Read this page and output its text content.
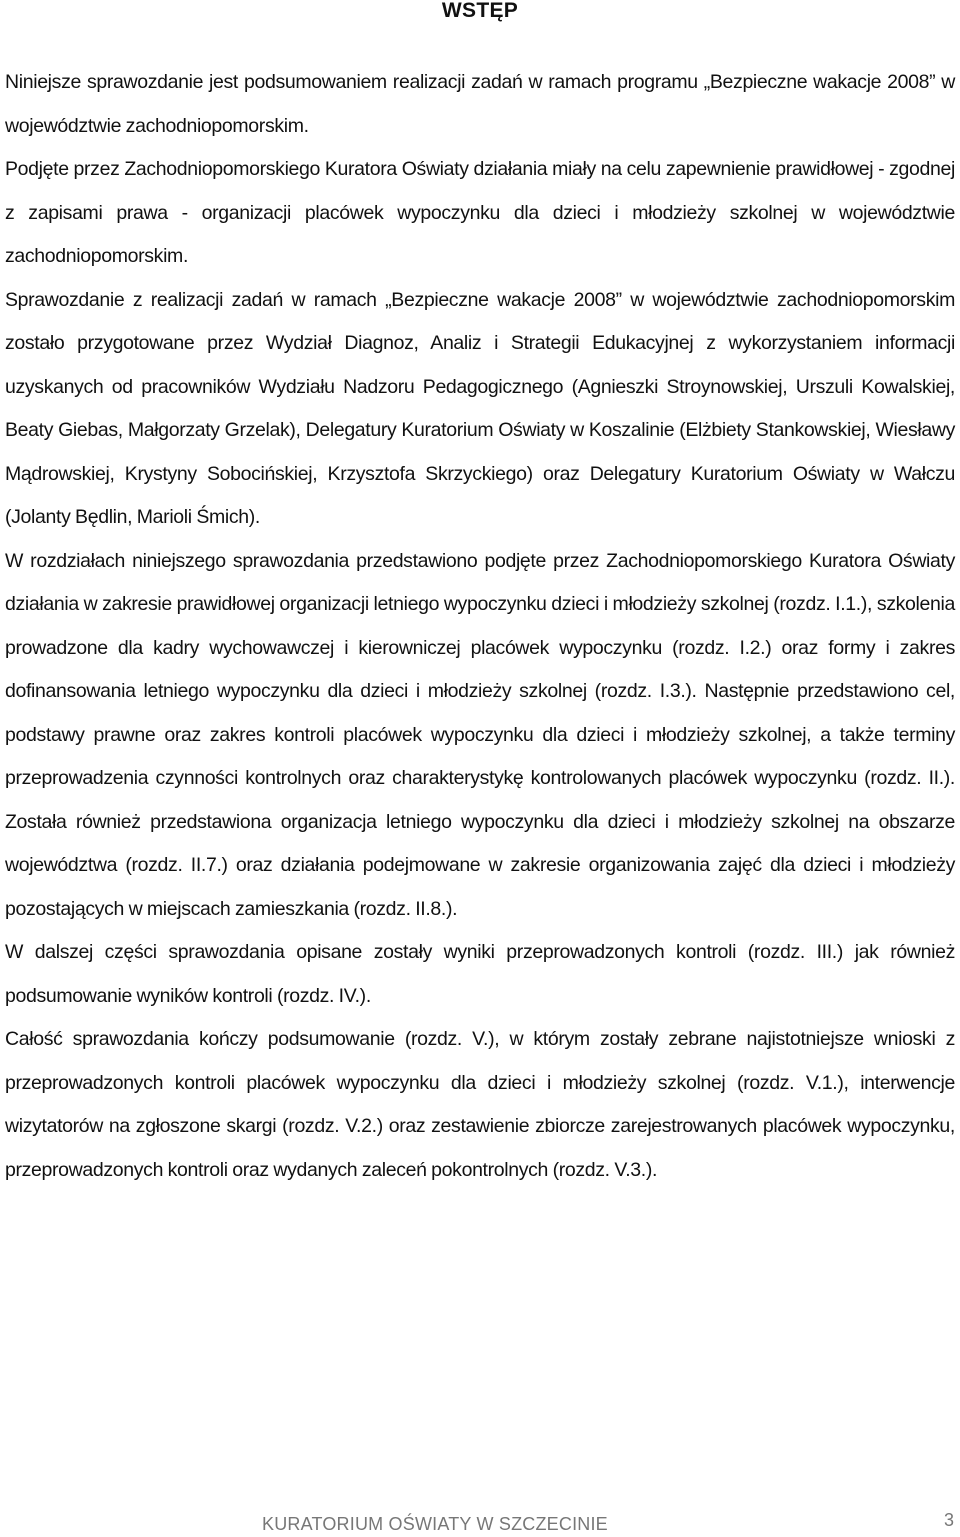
WSTĘP

Niniejsze sprawozdanie jest podsumowaniem realizacji zadań w ramach programu „Bezpieczne wakacje 2008” w województwie zachodniopomorskim.

Podjęte przez Zachodniopomorskiego Kuratora Oświaty działania miały na celu zapewnienie prawidłowej - zgodnej z zapisami prawa - organizacji placówek wypoczynku dla dzieci i młodzieży szkolnej w województwie zachodniopomorskim.

Sprawozdanie z realizacji zadań w ramach „Bezpieczne wakacje 2008” w województwie zachodniopomorskim zostało przygotowane przez Wydział Diagnoz, Analiz i Strategii Edukacyjnej z wykorzystaniem informacji uzyskanych od pracowników Wydziału Nadzoru Pedagogicznego (Agnieszki Stroynowskiej, Urszuli Kowalskiej, Beaty Giebas, Małgorzaty Grzelak), Delegatury Kuratorium Oświaty w Koszalinie (Elżbiety Stankowskiej, Wiesławy Mądrowskiej, Krystyny Sobocińskiej, Krzysztofa Skrzyckiego) oraz Delegatury Kuratorium Oświaty w Wałczu (Jolanty Będlin, Marioli Śmich).

W rozdziałach niniejszego sprawozdania przedstawiono podjęte przez Zachodniopomorskiego Kuratora Oświaty działania w zakresie prawidłowej organizacji letniego wypoczynku dzieci i młodzieży szkolnej (rozdz. I.1.), szkolenia prowadzone dla kadry wychowawczej i kierowniczej placówek wypoczynku (rozdz. I.2.) oraz formy i zakres dofinansowania letniego wypoczynku dla dzieci i młodzieży szkolnej (rozdz. I.3.). Następnie przedstawiono cel, podstawy prawne oraz zakres kontroli placówek wypoczynku dla dzieci i młodzieży szkolnej, a także terminy przeprowadzenia czynności kontrolnych oraz charakterystykę kontrolowanych placówek wypoczynku (rozdz. II.). Została również przedstawiona organizacja letniego wypoczynku dla dzieci i młodzieży szkolnej na obszarze województwa (rozdz. II.7.) oraz działania podejmowane w zakresie organizowania zajęć dla dzieci i młodzieży pozostających w miejscach zamieszkania (rozdz. II.8.).

W dalszej części sprawozdania opisane zostały wyniki przeprowadzonych kontroli (rozdz. III.) jak również podsumowanie wyników kontroli (rozdz. IV.).

Całość sprawozdania kończy podsumowanie (rozdz. V.), w którym zostały zebrane najistotniejsze wnioski z przeprowadzonych kontroli placówek wypoczynku dla dzieci i młodzieży szkolnej (rozdz. V.1.), interwencje wizytatorów na zgłoszone skargi (rozdz. V.2.) oraz zestawienie zbiorcze zarejestrowanych placówek wypoczynku, przeprowadzonych kontroli oraz wydanych zaleceń pokontrolnych (rozdz. V.3.).

KURATORIUM OŚWIATY W SZCZECINIE	3
